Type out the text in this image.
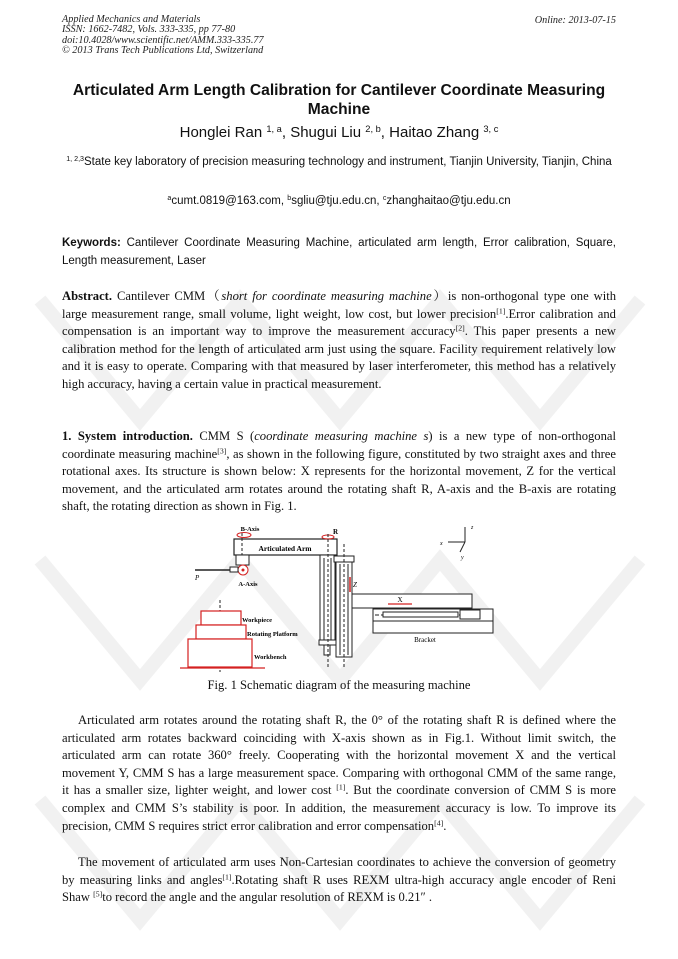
Applied Mechanics and Materials
ISSN: 1662-7482, Vols. 333-335, pp 77-80
doi:10.4028/www.scientific.net/AMM.333-335.77
© 2013 Trans Tech Publications Ltd, Switzerland
Online: 2013-07-15
Articulated Arm Length Calibration for Cantilever Coordinate Measuring Machine
Honglei Ran $^{1, a}$, Shugui Liu $^{2, b}$, Haitao Zhang $^{3, c}$
$^{1, 2,3}$State key laboratory of precision measuring technology and instrument, Tianjin University, Tianjin, China
$^a$cumt.0819@163.com, $^b$sgliu@tju.edu.cn, $^c$zhanghaitao@tju.edu.cn
Keywords: Cantilever Coordinate Measuring Machine, articulated arm length, Error calibration, Square, Length measurement, Laser
Abstract. Cantilever CMM（short for coordinate measuring machine）is non-orthogonal type one with large measurement range, small volume, light weight, low cost, but lower precision[1].Error calibration and compensation is an important way to improve the measurement accuracy[2]. This paper presents a new calibration method for the length of articulated arm just using the square. Facility requirement relatively low and it is easy to operate. Comparing with that measured by laser interferometer, this method has a relatively high accuracy, having a certain value in practical measurement.
1. System introduction. CMM S (coordinate measuring machine s) is a new type of non-orthogonal coordinate measuring machine[3], as shown in the following figure, constituted by two straight axes and three rotational axes. Its structure is shown below: X represents for the horizontal movement, Z for the vertical movement, and the articulated arm rotates around the rotating shaft R, A-axis and the B-axis are rotating shaft, the rotating direction as shown in Fig. 1.
Articulated Arm
B-Axis
P
A-Axis
R
Z
X
Bracket
x
y
z
Workpiece
Rotating Platform
Workbench
Fig. 1 Schematic diagram of the measuring machine
Articulated arm rotates around the rotating shaft R, the 0° of the rotating shaft R is defined where the articulated arm rotates backward coinciding with X-axis shown as in Fig.1. Without limit switch, the articulated arm can rotate 360° freely. Cooperating with the horizontal movement X and the vertical movement Y, CMM S has a large measurement space. Comparing with orthogonal CMM of the same range, it has a smaller size, lighter weight, and lower cost [1]. But the coordinate conversion of CMM S is more complex and CMM S’s stability is poor. In addition, the measurement accuracy is low. To improve its precision, CMM S requires strict error calibration and error compensation[4].
The movement of articulated arm uses Non-Cartesian coordinates to achieve the conversion of geometry by measuring links and angles[1].Rotating shaft R uses REXM ultra-high accuracy angle encoder of Reni Shaw [5]to record the angle and the angular resolution of REXM is 0.21″ .
